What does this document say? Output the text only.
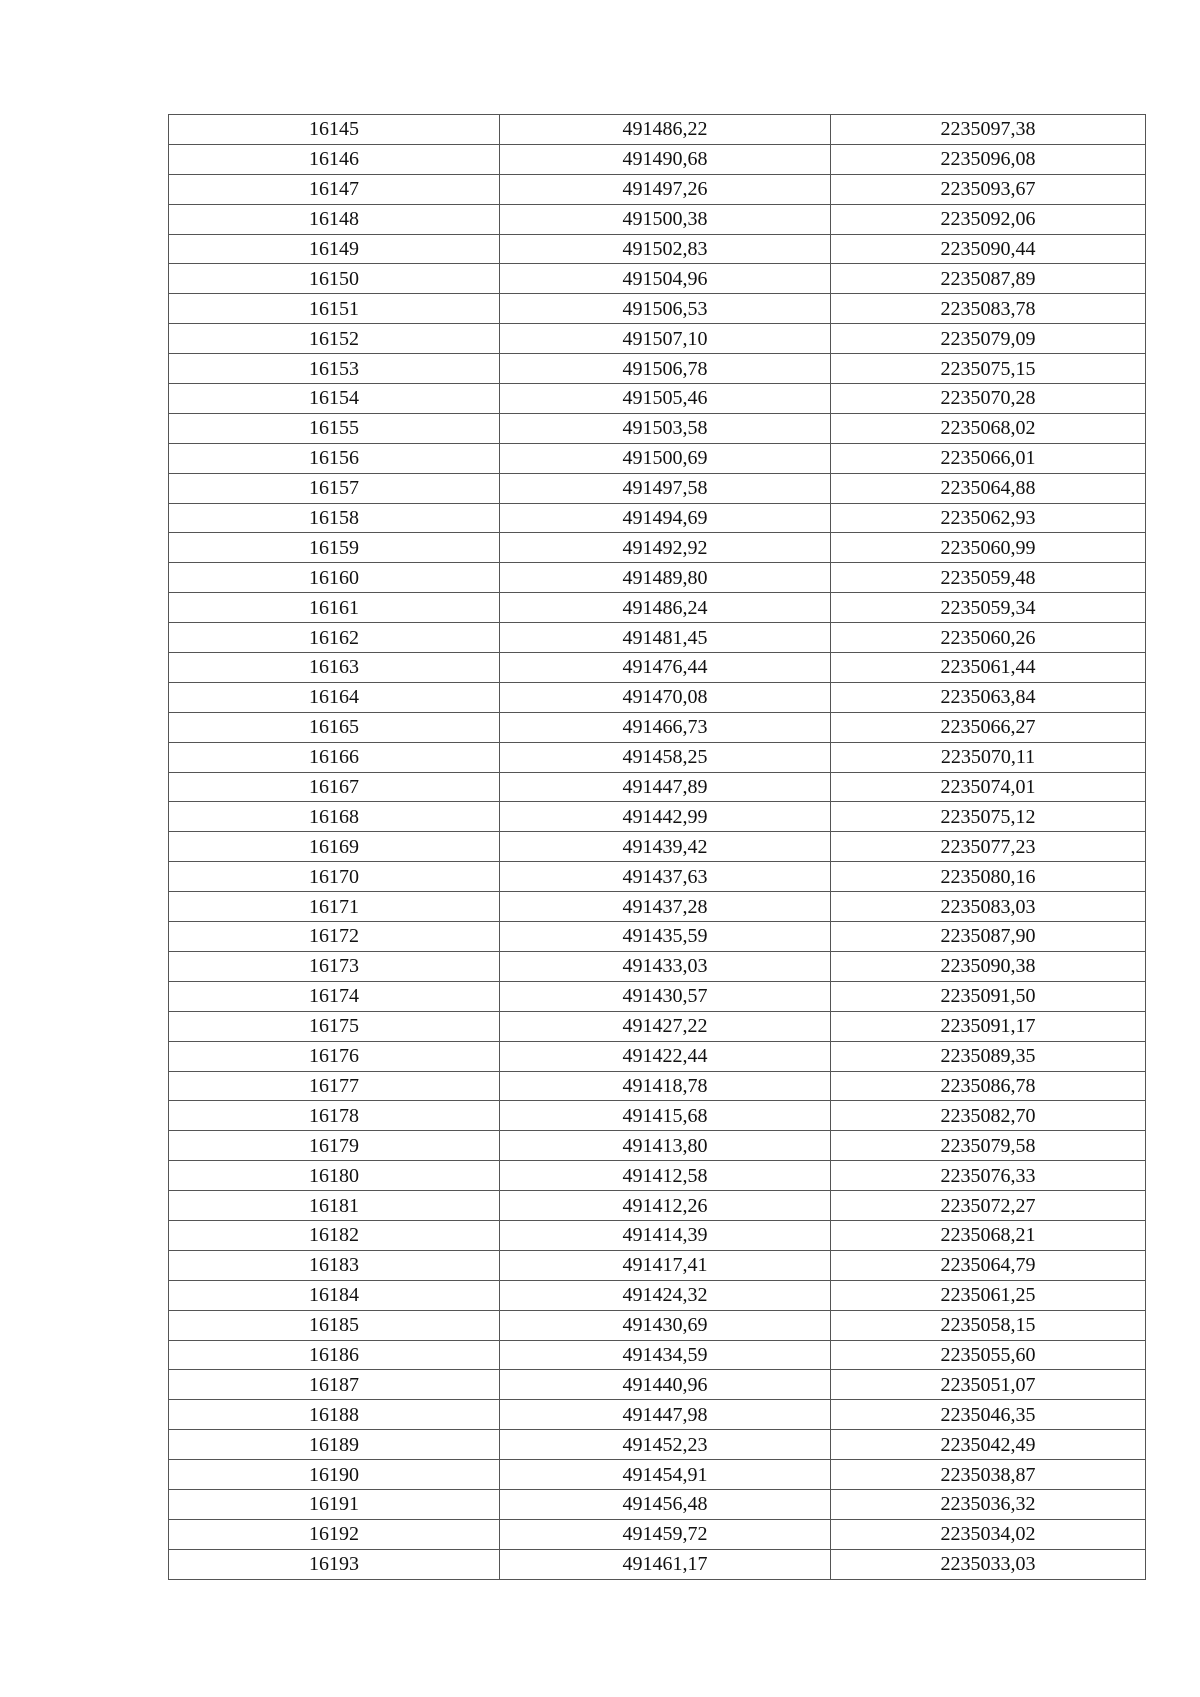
16145	491486,22	2235097,38
16146	491490,68	2235096,08
16147	491497,26	2235093,67
16148	491500,38	2235092,06
16149	491502,83	2235090,44
16150	491504,96	2235087,89
16151	491506,53	2235083,78
16152	491507,10	2235079,09
16153	491506,78	2235075,15
16154	491505,46	2235070,28
16155	491503,58	2235068,02
16156	491500,69	2235066,01
16157	491497,58	2235064,88
16158	491494,69	2235062,93
16159	491492,92	2235060,99
16160	491489,80	2235059,48
16161	491486,24	2235059,34
16162	491481,45	2235060,26
16163	491476,44	2235061,44
16164	491470,08	2235063,84
16165	491466,73	2235066,27
16166	491458,25	2235070,11
16167	491447,89	2235074,01
16168	491442,99	2235075,12
16169	491439,42	2235077,23
16170	491437,63	2235080,16
16171	491437,28	2235083,03
16172	491435,59	2235087,90
16173	491433,03	2235090,38
16174	491430,57	2235091,50
16175	491427,22	2235091,17
16176	491422,44	2235089,35
16177	491418,78	2235086,78
16178	491415,68	2235082,70
16179	491413,80	2235079,58
16180	491412,58	2235076,33
16181	491412,26	2235072,27
16182	491414,39	2235068,21
16183	491417,41	2235064,79
16184	491424,32	2235061,25
16185	491430,69	2235058,15
16186	491434,59	2235055,60
16187	491440,96	2235051,07
16188	491447,98	2235046,35
16189	491452,23	2235042,49
16190	491454,91	2235038,87
16191	491456,48	2235036,32
16192	491459,72	2235034,02
16193	491461,17	2235033,03
